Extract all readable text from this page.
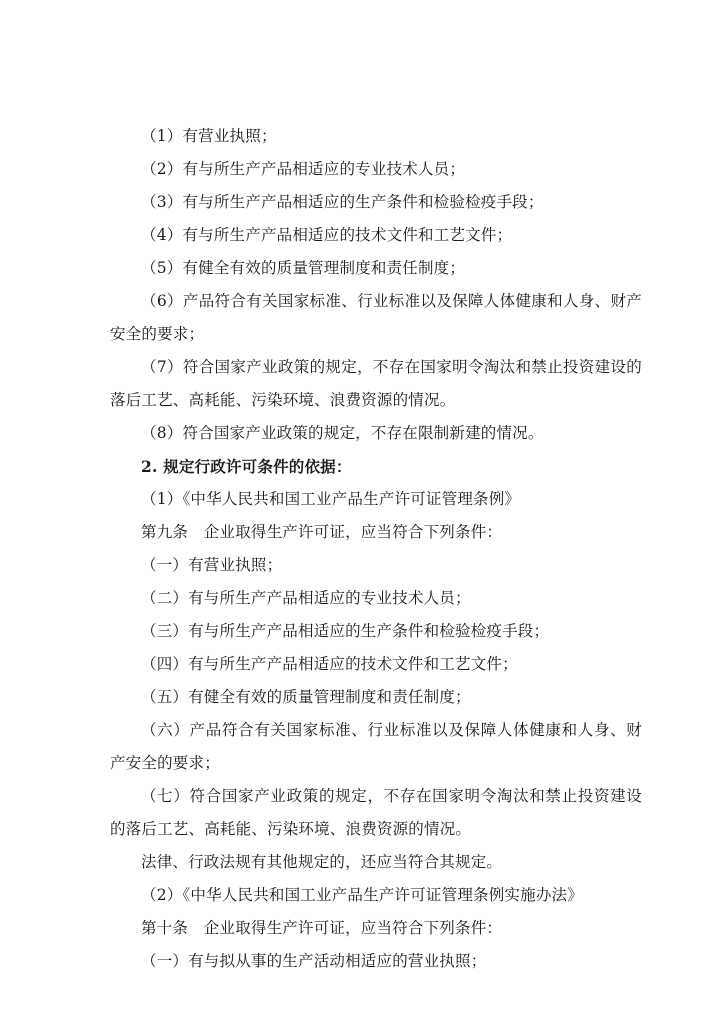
（1）有营业执照；

（2）有与所生产产品相适应的专业技术人员；

（3）有与所生产产品相适应的生产条件和检验检疫手段；

（4）有与所生产产品相适应的技术文件和工艺文件；

（5）有健全有效的质量管理制度和责任制度；

（6）产品符合有关国家标准、行业标准以及保障人体健康和人身、财产安全的要求；

（7）符合国家产业政策的规定，不存在国家明令淘汰和禁止投资建设的落后工艺、高耗能、污染环境、浪费资源的情况。

（8）符合国家产业政策的规定，不存在限制新建的情况。

2. 规定行政许可条件的依据：

（1）《中华人民共和国工业产品生产许可证管理条例》

第九条　企业取得生产许可证，应当符合下列条件：

（一）有营业执照；

（二）有与所生产产品相适应的专业技术人员；

（三）有与所生产产品相适应的生产条件和检验检疫手段；

（四）有与所生产产品相适应的技术文件和工艺文件；

（五）有健全有效的质量管理制度和责任制度；

（六）产品符合有关国家标准、行业标准以及保障人体健康和人身、财产安全的要求；

（七）符合国家产业政策的规定，不存在国家明令淘汰和禁止投资建设的落后工艺、高耗能、污染环境、浪费资源的情况。

法律、行政法规有其他规定的，还应当符合其规定。

（2）《中华人民共和国工业产品生产许可证管理条例实施办法》

第十条　企业取得生产许可证，应当符合下列条件：

（一）有与拟从事的生产活动相适应的营业执照；
